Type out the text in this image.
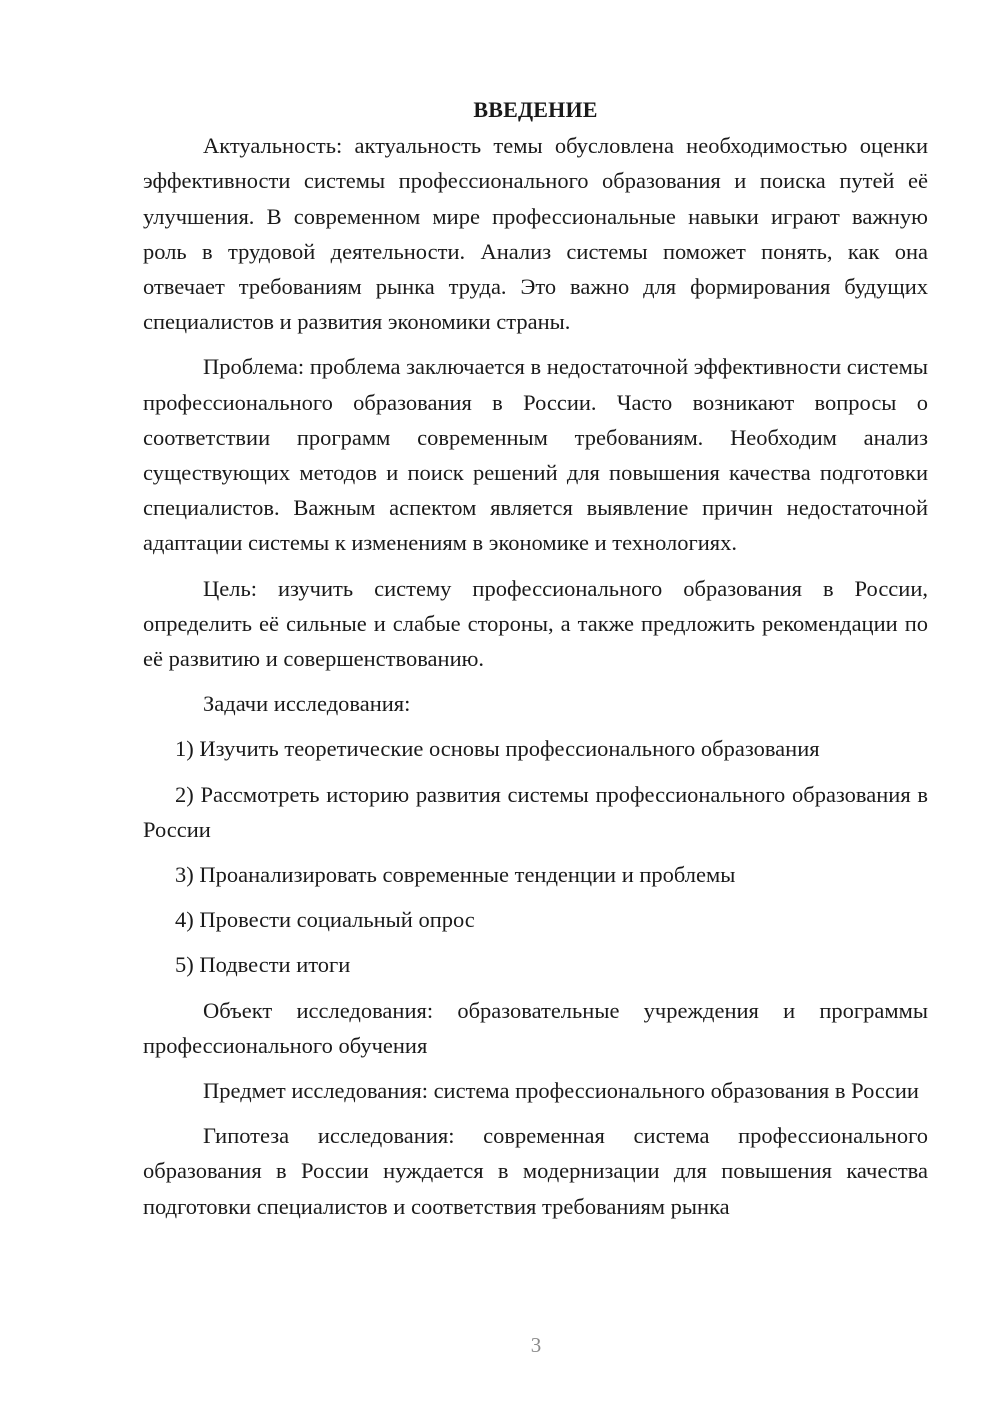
ВВЕДЕНИЕ

Актуальность: актуальность темы обусловлена необходимостью оценки эффективности системы профессионального образования и поиска путей её улучшения. В современном мире профессиональные навыки играют важную роль в трудовой деятельности. Анализ системы поможет понять, как она отвечает требованиям рынка труда. Это важно для формирования будущих специалистов и развития экономики страны.

Проблема: проблема заключается в недостаточной эффективности системы профессионального образования в России. Часто возникают вопросы о соответствии программ современным требованиям. Необходим анализ существующих методов и поиск решений для повышения качества подготовки специалистов. Важным аспектом является выявление причин недостаточной адаптации системы к изменениям в экономике и технологиях.

Цель: изучить систему профессионального образования в России, определить её сильные и слабые стороны, а также предложить рекомендации по её развитию и совершенствованию.

Задачи исследования:

1) Изучить теоретические основы профессионального образования

2) Рассмотреть историю развития системы профессионального образования в России

3) Проанализировать современные тенденции и проблемы

4) Провести социальный опрос

5) Подвести итоги

Объект исследования: образовательные учреждения и программы профессионального обучения

Предмет исследования: система профессионального образования в России

Гипотеза исследования: современная система профессионального образования в России нуждается в модернизации для повышения качества подготовки специалистов и соответствия требованиям рынка

3
